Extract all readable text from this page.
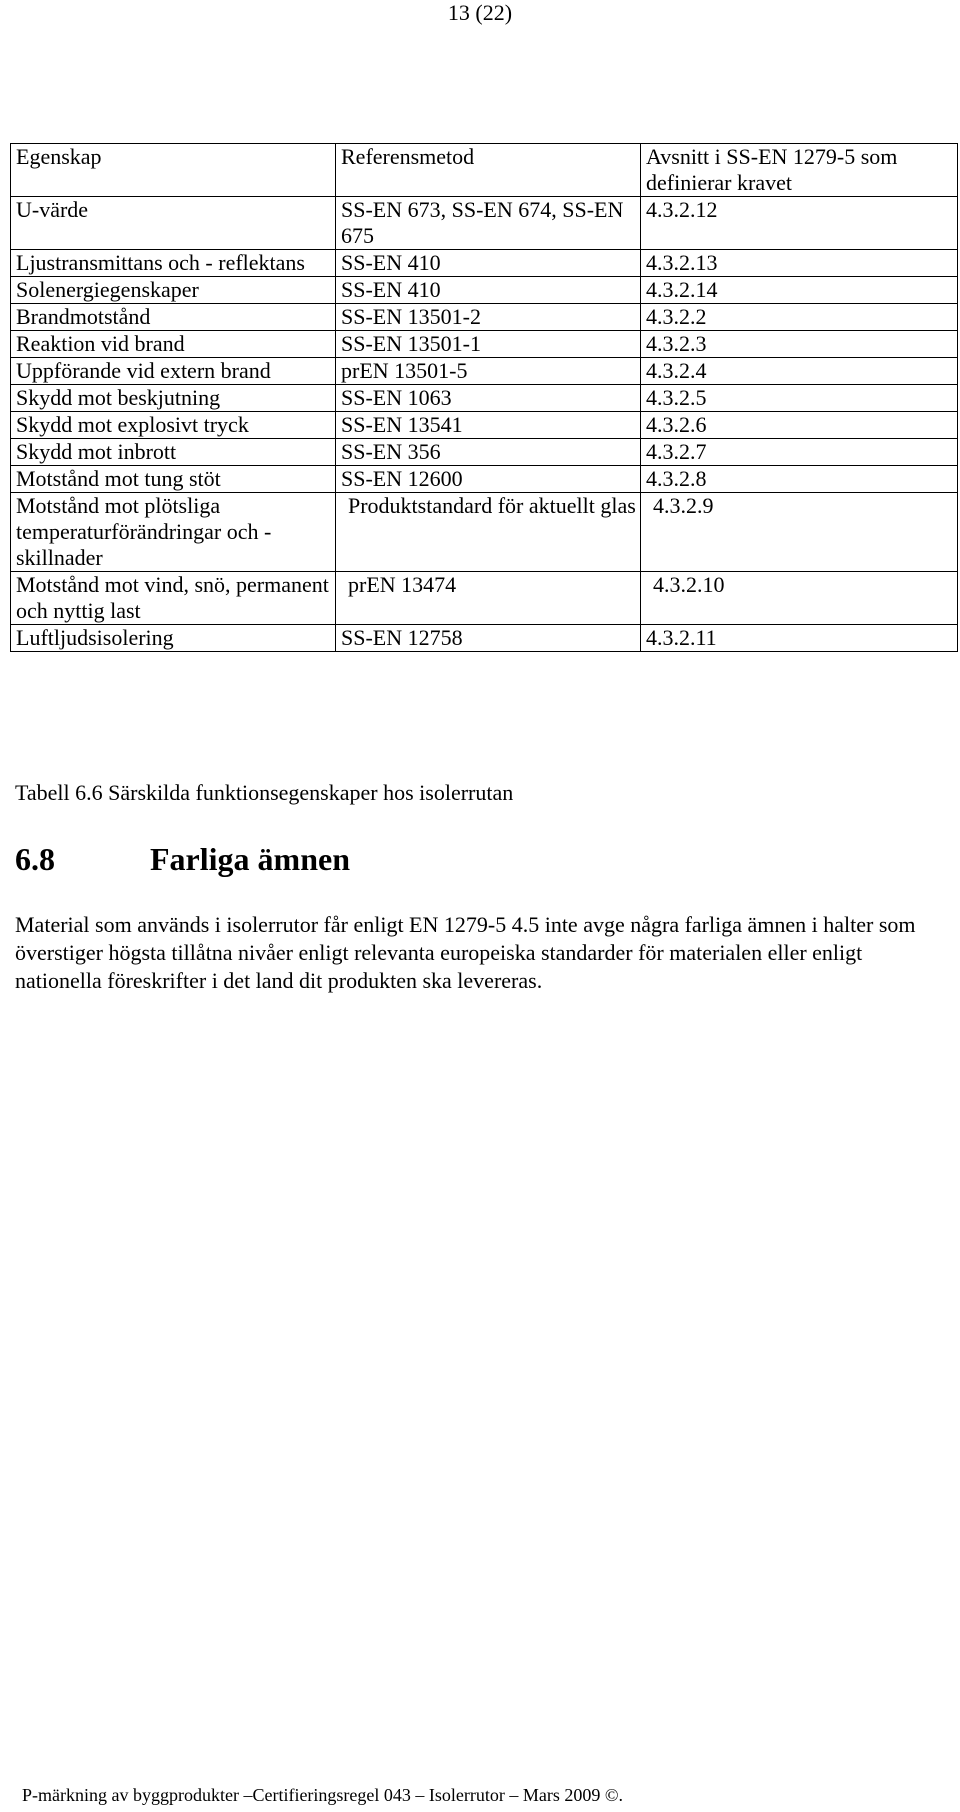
13 (22)
Egenskap	Referensmetod	Avsnitt i SS-EN 1279-5 som definierar kravet
U-värde	SS-EN 673, SS-EN 674, SS-EN 675	4.3.2.12
Ljustransmittans och - reflektans	SS-EN 410	4.3.2.13
Solenergiegenskaper	SS-EN 410	4.3.2.14
Brandmotstånd	SS-EN 13501-2	4.3.2.2
Reaktion vid brand	SS-EN 13501-1	4.3.2.3
Uppförande vid extern brand	prEN 13501-5	4.3.2.4
Skydd mot beskjutning	SS-EN 1063	4.3.2.5
Skydd mot explosivt tryck	SS-EN 13541	4.3.2.6
Skydd mot inbrott	SS-EN 356	4.3.2.7
Motstånd mot tung stöt	SS-EN 12600	4.3.2.8
Motstånd mot plötsliga temperaturförändringar och -skillnader	Produktstandard för aktuellt glas	4.3.2.9
Motstånd mot vind, snö, permanent och nyttig last	prEN 13474	4.3.2.10
Luftljudsisolering	SS-EN 12758	4.3.2.11

Tabell 6.6 Särskilda funktionsegenskaper hos isolerrutan

6.8	Farliga ämnen

Material som används i isolerrutor får enligt EN 1279-5 4.5 inte avge några farliga ämnen i halter som överstiger högsta tillåtna nivåer enligt relevanta europeiska standarder för materialen eller enligt nationella föreskrifter i det land dit produkten ska levereras.

P-märkning av byggprodukter –Certifieringsregel 043 – Isolerrutor – Mars 2009 ©.
